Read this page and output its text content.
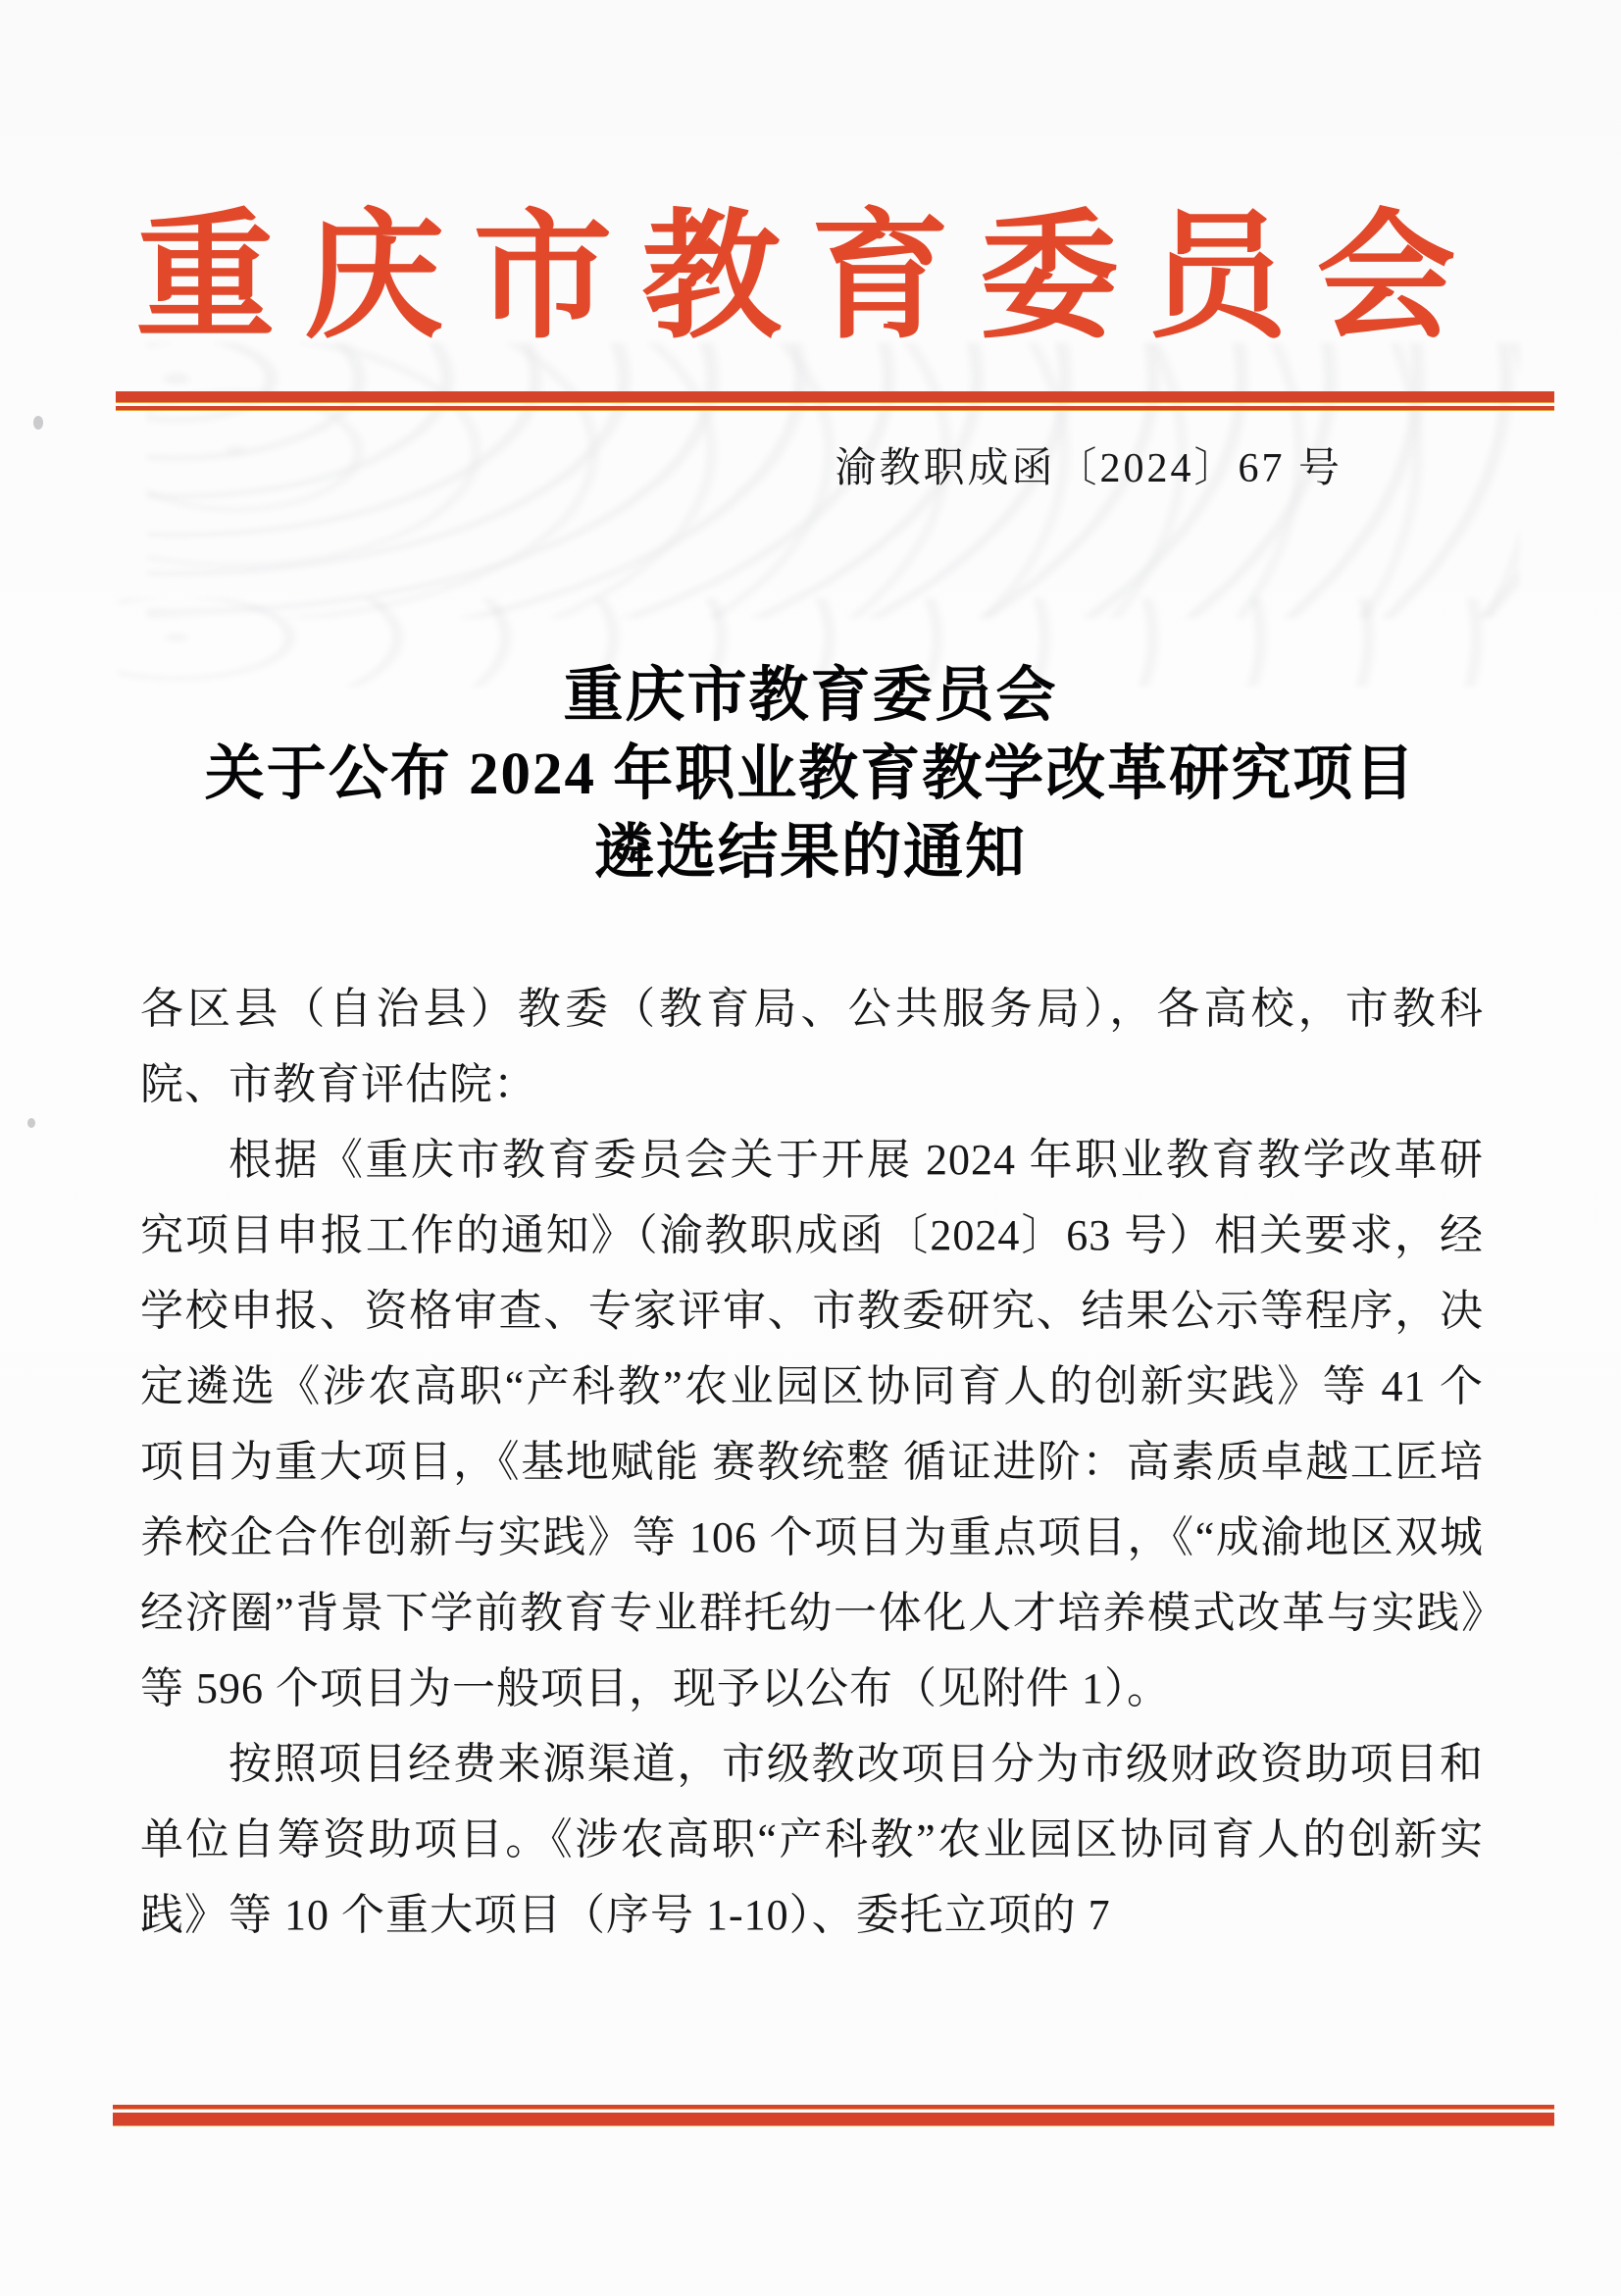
重庆市教育委员会
渝教职成函〔2024〕67 号
重庆市教育委员会
关于公布 2024 年职业教育教学改革研究项目
遴选结果的通知

各区县（自治县）教委（教育局、公共服务局），各高校，市教科院、市教育评估院：

根据《重庆市教育委员会关于开展 2024 年职业教育教学改革研究项目申报工作的通知》（渝教职成函〔2024〕63 号）相关要求，经学校申报、资格审查、专家评审、市教委研究、结果公示等程序，决定遴选《涉农高职“产科教”农业园区协同育人的创新实践》等 41 个项目为重大项目，《基地赋能 赛教统整 循证进阶：高素质卓越工匠培养校企合作创新与实践》等 106 个项目为重点项目，《“成渝地区双城经济圈”背景下学前教育专业群托幼一体化人才培养模式改革与实践》等 596 个项目为一般项目，现予以公布（见附件 1）。

按照项目经费来源渠道，市级教改项目分为市级财政资助项目和单位自筹资助项目。《涉农高职“产科教”农业园区协同育人的创新实践》等 10 个重大项目（序号 1-10）、委托立项的 7
